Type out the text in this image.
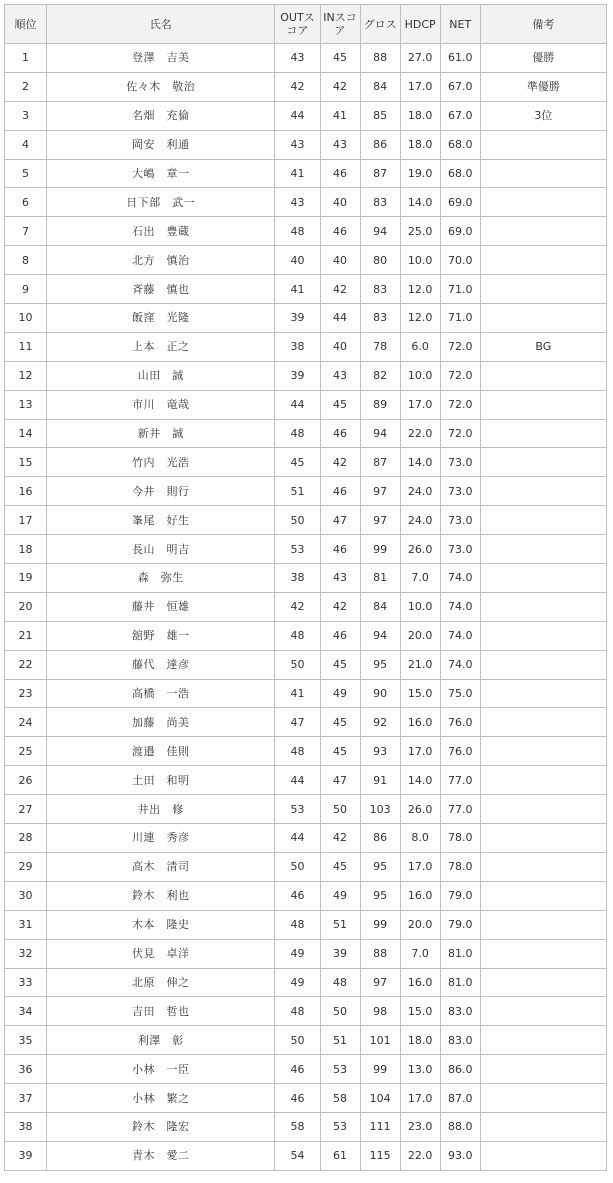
順位	氏名	OUTスコア	INスコア	グロス	HDCP	NET	備考
1	登澤　吉美	43	45	88	27.0	61.0	優勝
2	佐々木　敬治	42	42	84	17.0	67.0	準優勝
3	名畑　充倫	44	41	85	18.0	67.0	3位
4	岡安　利通	43	43	86	18.0	68.0	
5	大嶋　章一	41	46	87	19.0	68.0	
6	日下部　武一	43	40	83	14.0	69.0	
7	石出　豊蔵	48	46	94	25.0	69.0	
8	北方　慎治	40	40	80	10.0	70.0	
9	斉藤　慎也	41	42	83	12.0	71.0	
10	飯窪　光隆	39	44	83	12.0	71.0	
11	上本　正之	38	40	78	6.0	72.0	BG
12	山田　誠	39	43	82	10.0	72.0	
13	市川　竜哉	44	45	89	17.0	72.0	
14	新井　誠	48	46	94	22.0	72.0	
15	竹内　光浩	45	42	87	14.0	73.0	
16	今井　則行	51	46	97	24.0	73.0	
17	峯尾　好生	50	47	97	24.0	73.0	
18	長山　明吉	53	46	99	26.0	73.0	
19	森　弥生	38	43	81	7.0	74.0	
20	藤井　恒雄	42	42	84	10.0	74.0	
21	舘野　雄一	48	46	94	20.0	74.0	
22	藤代　達彦	50	45	95	21.0	74.0	
23	高橋　一浩	41	49	90	15.0	75.0	
24	加藤　尚美	47	45	92	16.0	76.0	
25	渡邉　佳則	48	45	93	17.0	76.0	
26	土田　和明	44	47	91	14.0	77.0	
27	井出　修	53	50	103	26.0	77.0	
28	川連　秀彦	44	42	86	8.0	78.0	
29	高木　清司	50	45	95	17.0	78.0	
30	鈴木　利也	46	49	95	16.0	79.0	
31	木本　隆史	48	51	99	20.0	79.0	
32	伏見　卓洋	49	39	88	7.0	81.0	
33	北原　伸之	49	48	97	16.0	81.0	
34	吉田　哲也	48	50	98	15.0	83.0	
35	利澤　彰	50	51	101	18.0	83.0	
36	小林　一臣	46	53	99	13.0	86.0	
37	小林　繁之	46	58	104	17.0	87.0	
38	鈴木　隆宏	58	53	111	23.0	88.0	
39	青木　愛二	54	61	115	22.0	93.0	
